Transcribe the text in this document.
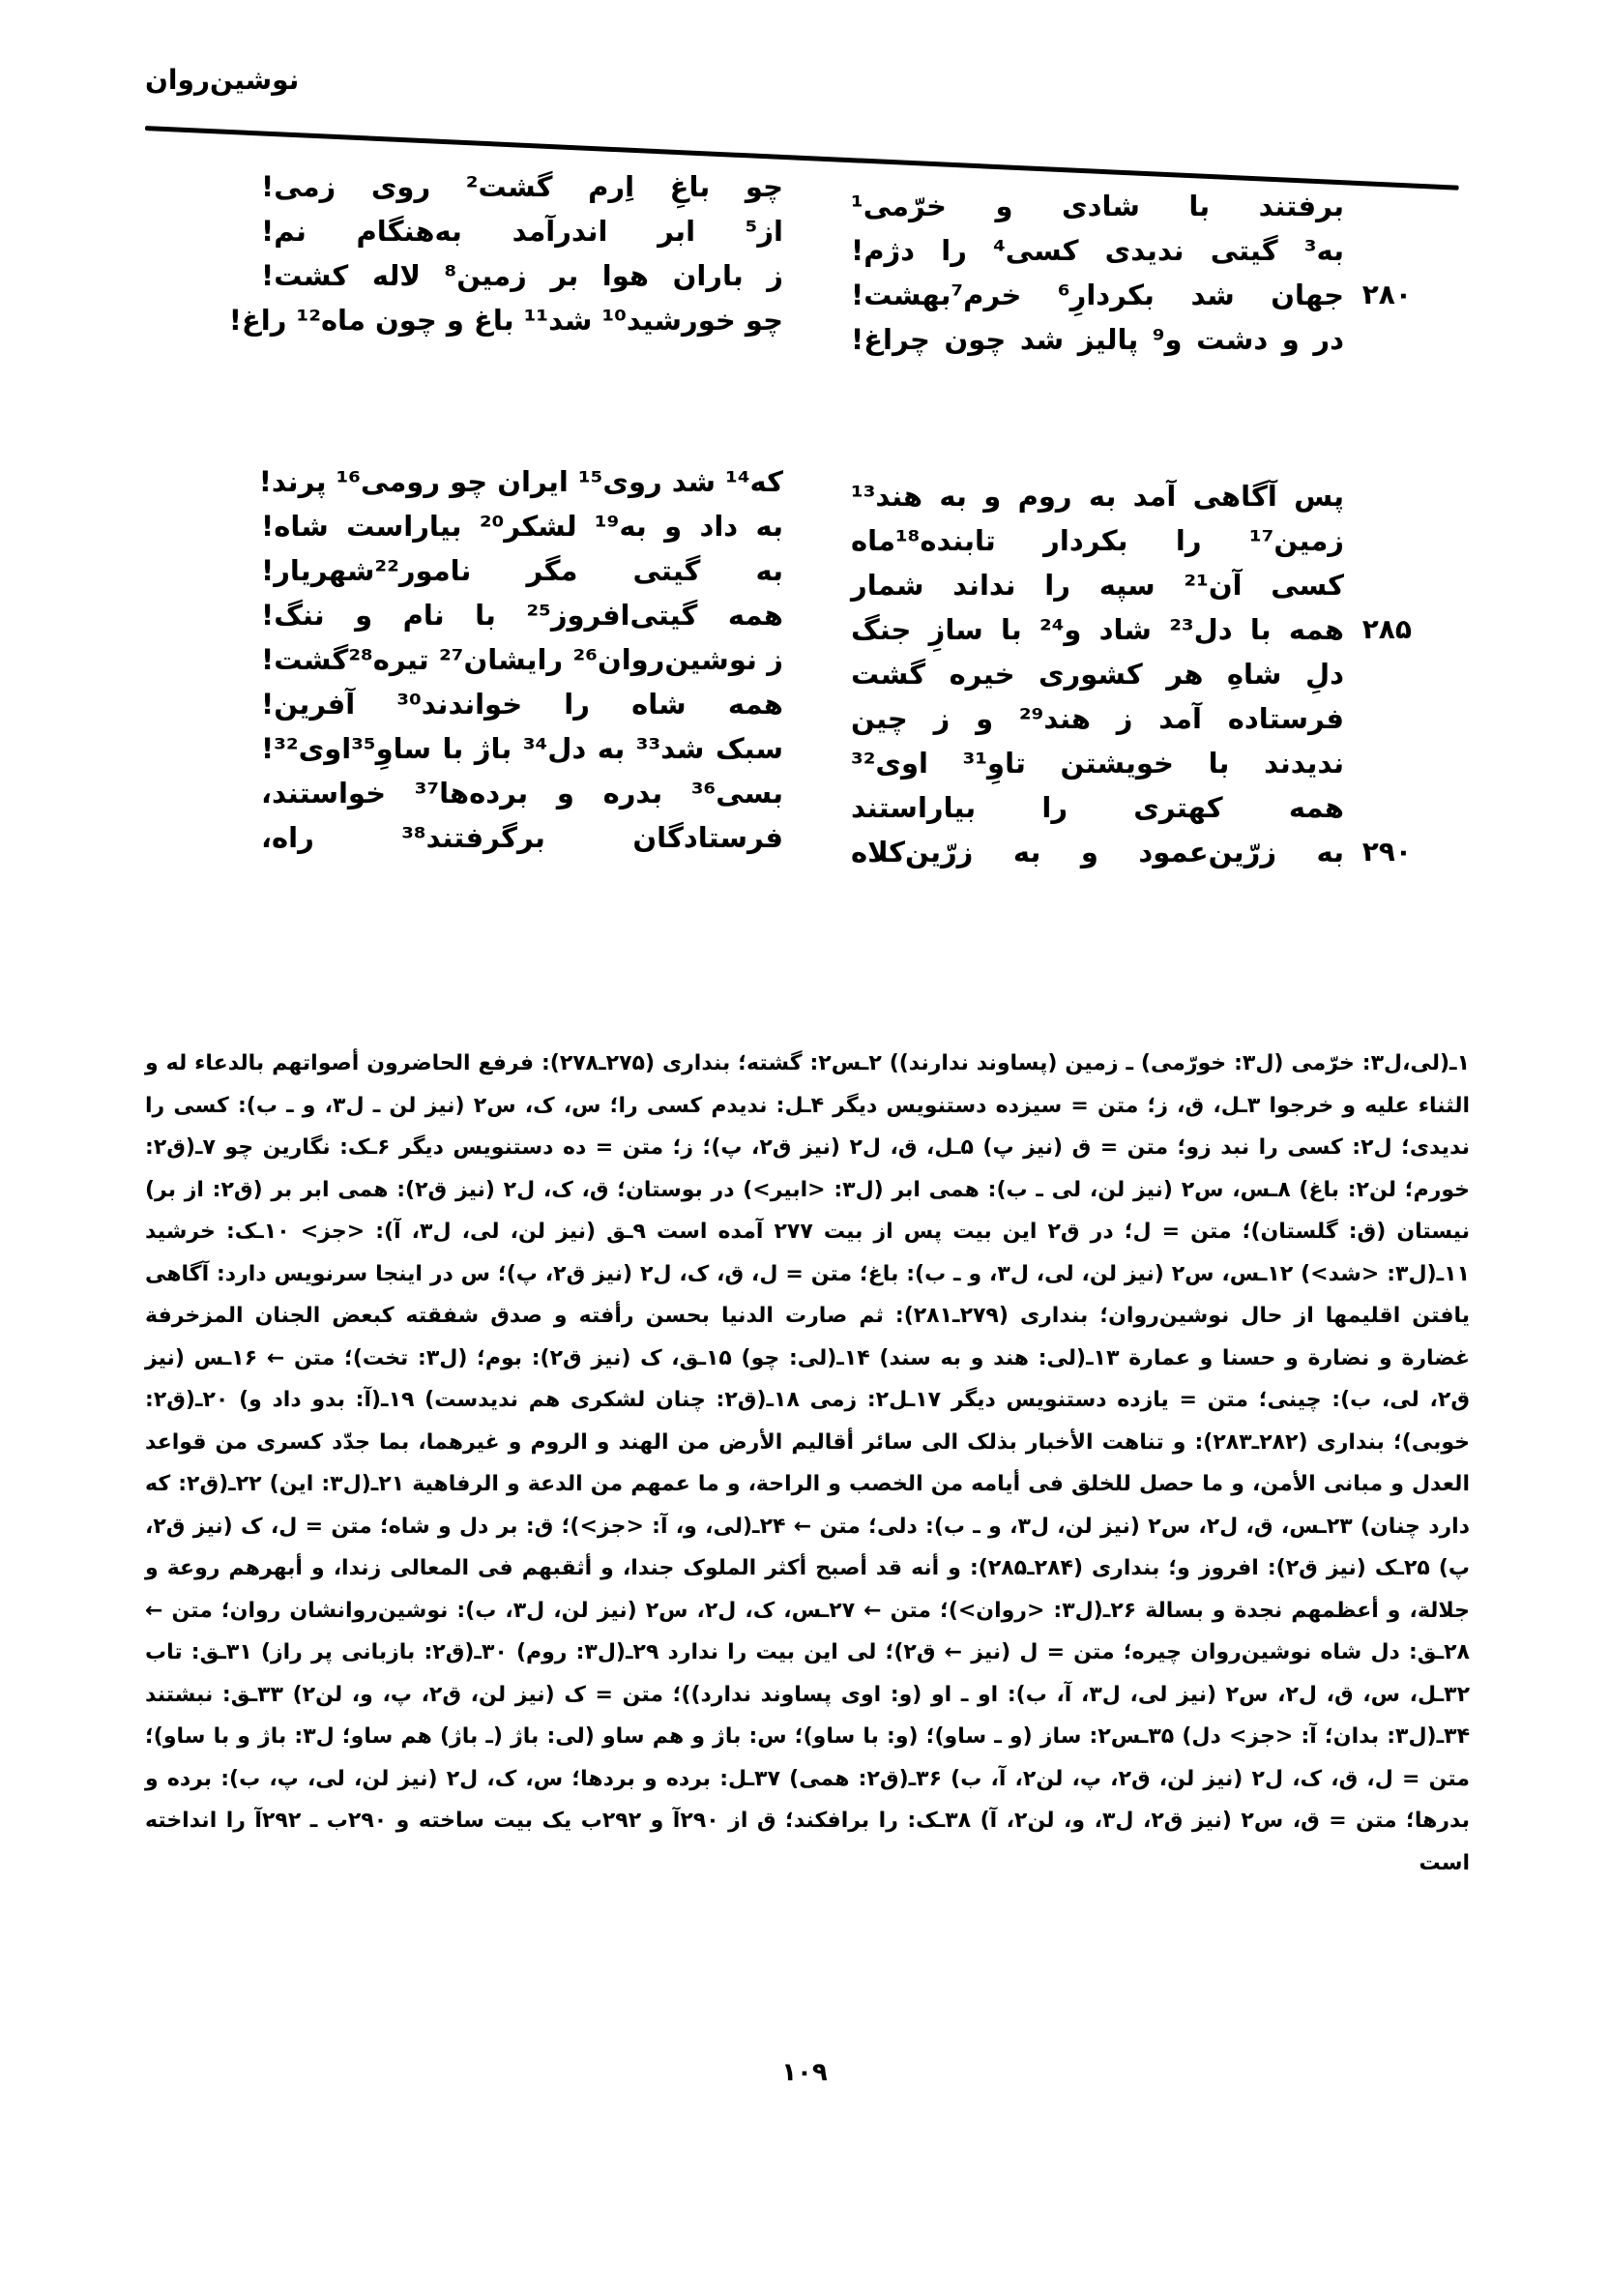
نوشین‌روان
برفتند با شادی و خرّمی¹
به³ گیتی ندیدی کسی⁴ را دژم!
جهان شد بکردارِ⁶ خرم⁷بهشت! ۲۸۰
در و دشت و⁹ پالیز شد چون چراغ!
چو باغِ اِرم گشت² روی زمی!
از⁵ ابر اندرآمد به‌هنگام نم!
ز باران هوا بر زمین⁸ لاله کشت!
چو خورشید¹⁰ شد¹¹ باغ و چون ماه¹² راغ!
پس آگاهی آمد به روم و به هند¹³
زمین¹⁷ را بکردار تابنده¹⁸ماه
کسی آن²¹ سپه را نداند شمار
همه با دل²³ شاد و²⁴ با سازِ جنگ ۲۸۵
دلِ شاهِ هر کشوری خیره گشت
فرستاده آمد ز هند²⁹ و ز چین
ندیدند با خویشتن تاوِ³¹ اوی³²
همه کهتری را بیاراستند
به زرّین‌عمود و به زرّین‌کلاه ۲۹۰
که¹⁴ شد روی¹⁵ ایران چو رومی¹⁶ پرند!
به داد و به¹⁹ لشکر²⁰ بیاراست شاه!
به گیتی مگر نامور²²شهریار!
همه گیتی‌افروز²⁵ با نام و ننگ!
ز نوشین‌روان²⁶ رایشان²⁷ تیره²⁸گشت!
همه شاه را خواندند³⁰ آفرین!
سبک شد³³ به دل³⁴ باژ با ساوِ³⁵اوی³²!
بسی³⁶ بدره و برده‌ها³⁷ خواستند،
فرستادگان برگرفتند³⁸ راه،

۱ـ(لی،ل۳: خرّمی (ل۳: خورّمی) ـ زمین (پساوند ندارند)) ۲ـس۲: گشته؛ بنداری (۲۷۵ـ۲۷۸): فرفع الحاضرون أصواتهم بالدعاء له و الثناء علیه و خرجوا ۳ـل، ق، ز؛ متن = سیزده دستنویس دیگر ۴ـل: ندیدم کسی را؛ س، ک، س۲ (نیز لن ـ ل۳، و ـ ب): کسی را ندیدی؛ ل۲: کسی را نبد زو؛ متن = ق (نیز پ) ۵ـل، ق، ل۲ (نیز ق۲، پ)؛ ز؛ متن = ده دستنویس دیگر ۶ـک: نگارین چو ۷ـ(ق۲: خورم؛ لن۲: باغ) ۸ـس، س۲ (نیز لن، لی ـ ب): همی ابر (ل۳: <ابیر>) در بوستان؛ ق، ک، ل۲ (نیز ق۲): همی ابر بر (ق۲: از بر) نیستان (ق: گلستان)؛ متن = ل؛ در ق۲ این بیت پس از بیت ۲۷۷ آمده است ۹ـق (نیز لن، لی، ل۳، آ): <جز> ۱۰ـک: خرشید ۱۱ـ(ل۳: <شد>) ۱۲ـس، س۲ (نیز لن، لی، ل۳، و ـ ب): باغ؛ متن = ل، ق، ک، ل۲ (نیز ق۲، پ)؛ س در اینجا سرنویس دارد: آگاهی یافتن اقلیمها از حال نوشین‌روان؛ بنداری (۲۷۹ـ۲۸۱): ثم صارت الدنیا بحسن رأفته و صدق شفقته کبعض الجنان المزخرفة غضارة و نضارة و حسنا و عمارة ۱۳ـ(لی: هند و به سند) ۱۴ـ(لی: چو) ۱۵ـق، ک (نیز ق۲): بوم؛ (ل۳: تخت)؛ متن ← ۱۶ـس (نیز ق۲، لی، ب): چینی؛ متن = یازده دستنویس دیگر ۱۷ـل۲: زمی ۱۸ـ(ق۲: چنان لشکری هم ندیدست) ۱۹ـ(آ: بدو داد و) ۲۰ـ(ق۲: خوبی)؛ بنداری (۲۸۲ـ۲۸۳): و تناهت الأخبار بذلک الی سائر أقالیم الأرض من الهند و الروم و غیرهما، بما جدّد کسری من قواعد العدل و مبانی الأمن، و ما حصل للخلق فی أیامه من الخصب و الراحة، و ما عمهم من الدعة و الرفاهیة ۲۱ـ(ل۳: این) ۲۲ـ(ق۲: که دارد چنان) ۲۳ـس، ق، ل۲، س۲ (نیز لن، ل۳، و ـ ب): دلی؛ متن ← ۲۴ـ(لی، و، آ: <جز>)؛ ق: بر دل و شاه؛ متن = ل، ک (نیز ق۲، پ) ۲۵ـک (نیز ق۲): افروز و؛ بنداری (۲۸۴ـ۲۸۵): و أنه قد أصبح أکثر الملوک جندا، و أثقبهم فی المعالی زندا، و أبهرهم روعة و جلالة، و أعظمهم نجدة و بسالة ۲۶ـ(ل۳: <روان>)؛ متن ← ۲۷ـس، ک، ل۲، س۲ (نیز لن، ل۳، ب): نوشین‌روانشان روان؛ متن ← ۲۸ـق: دل شاه نوشین‌روان چیره؛ متن = ل (نیز ← ق۲)؛ لی این بیت را ندارد ۲۹ـ(ل۳: روم) ۳۰ـ(ق۲: بازبانی پر راز) ۳۱ـق: تاب ۳۲ـل، س، ق، ل۲، س۲ (نیز لی، ل۳، آ، ب): او ـ او (و: اوی پساوند ندارد))؛ متن = ک (نیز لن، ق۲، پ، و، لن۲) ۳۳ـق: نبشتند ۳۴ـ(ل۳: بدان؛ آ: <جز> دل) ۳۵ـس۲: ساز (و ـ ساو)؛ (و: با ساو)؛ س: باژ و هم ساو (لی: باژ (ـ باژ) هم ساو؛ ل۳: باژ و با ساو)؛ متن = ل، ق، ک، ل۲ (نیز لن، ق۲، پ، لن۲، آ، ب) ۳۶ـ(ق۲: همی) ۳۷ـل: برده و بردها؛ س، ک، ل۲ (نیز لن، لی، پ، ب): برده و بدرها؛ متن = ق، س۲ (نیز ق۲، ل۳، و، لن۲، آ) ۳۸ـک: را برافکند؛ ق از ۲۹۰آ و ۲۹۲ب یک بیت ساخته و ۲۹۰ب ـ ۲۹۲آ را انداخته است

۱۰۹
